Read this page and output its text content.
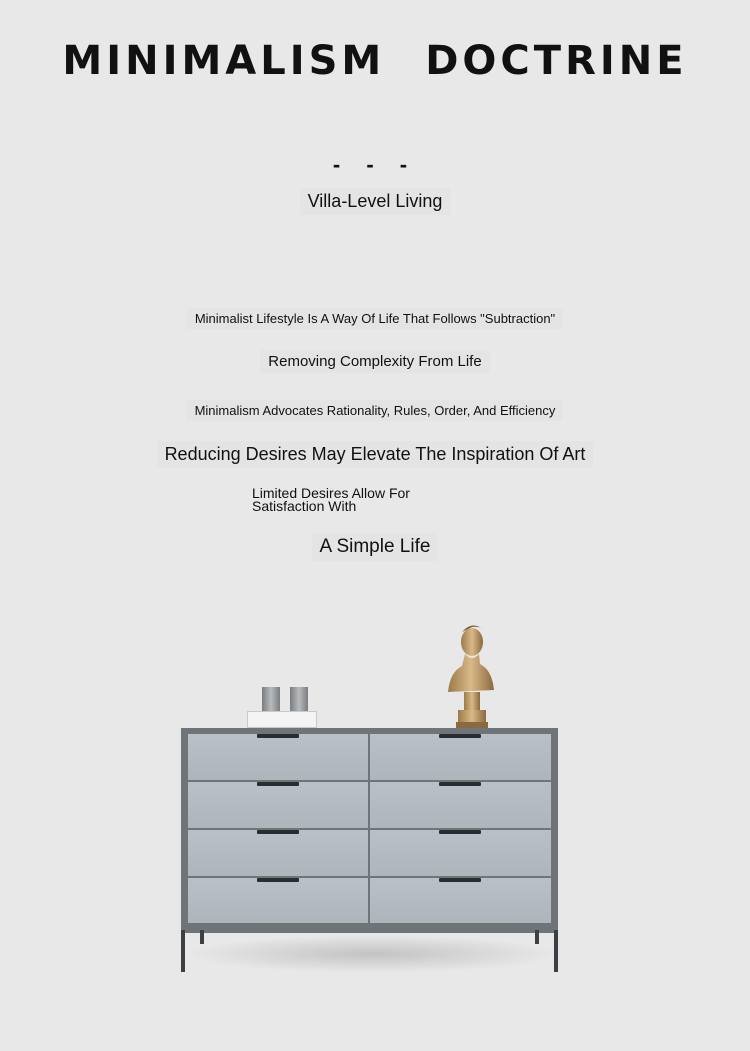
MINIMALISM DOCTRINE
- - -
Villa-Level Living
Minimalist Lifestyle Is A Way Of Life That Follows "Subtraction"
Removing Complexity From Life
Minimalism Advocates Rationality, Rules, Order, And Efficiency
Reducing Desires May Elevate The Inspiration Of Art
Limited Desires Allow For
Satisfaction With
A Simple Life
